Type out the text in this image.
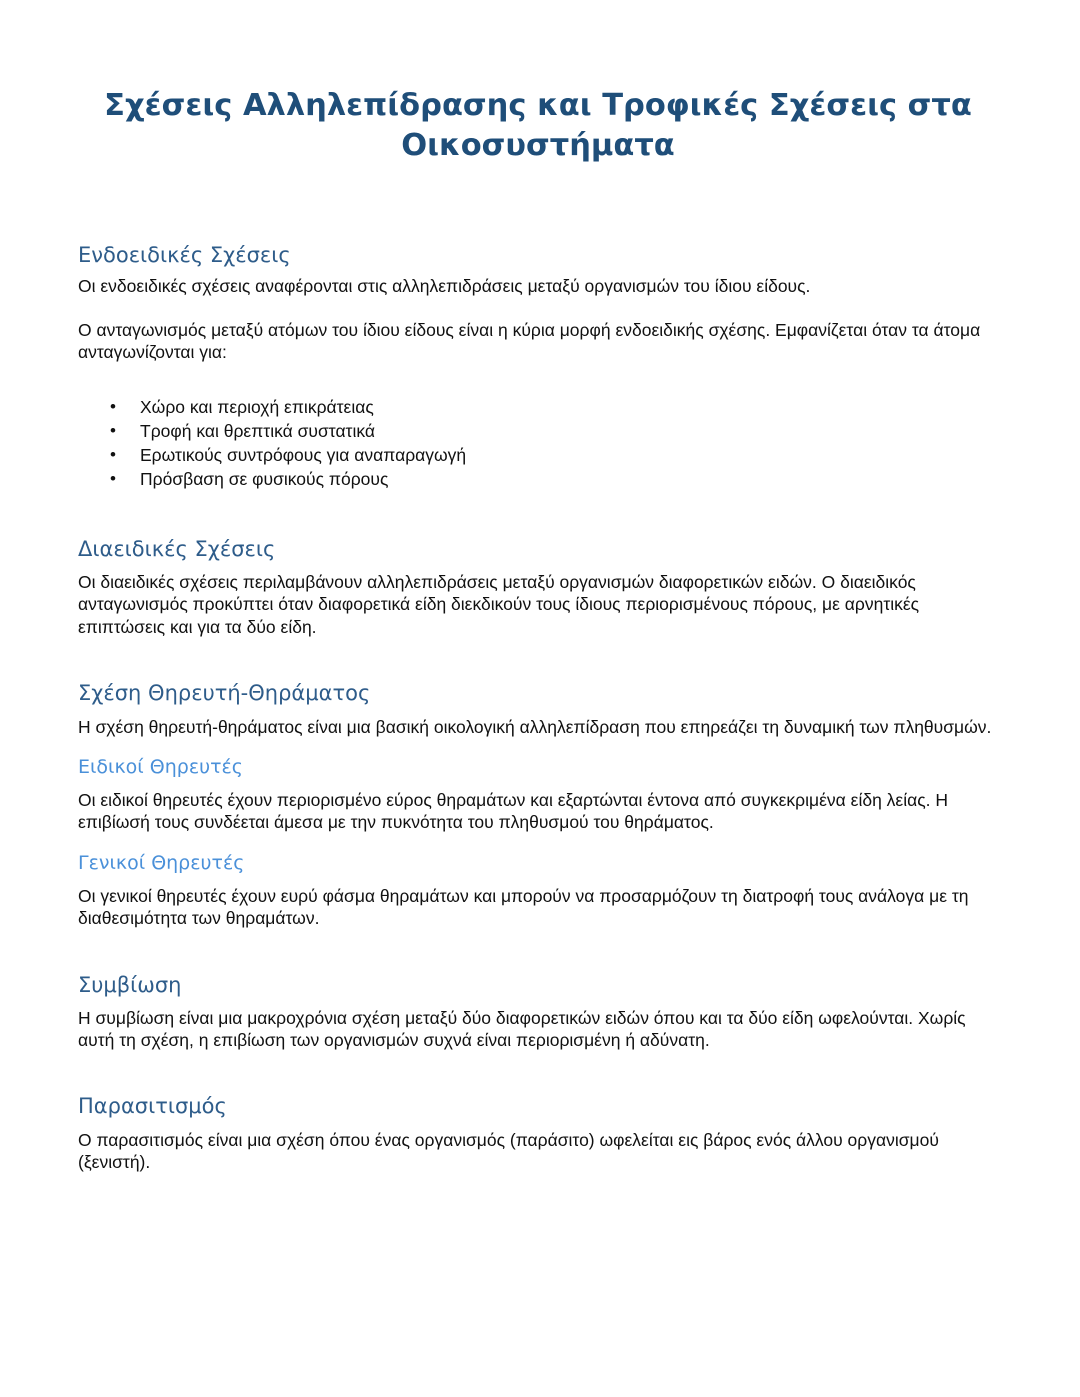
Σχέσεις Αλληλεπίδρασης και Τροφικές Σχέσεις στα Οικοσυστήματα
Ενδοειδικές Σχέσεις

Οι ενδοειδικές σχέσεις αναφέρονται στις αλληλεπιδράσεις μεταξύ οργανισμών του ίδιου είδους.

Ο ανταγωνισμός μεταξύ ατόμων του ίδιου είδους είναι η κύρια μορφή ενδοειδικής σχέσης. Εμφανίζεται όταν τα άτομα ανταγωνίζονται για:

• Χώρο και περιοχή επικράτειας
• Τροφή και θρεπτικά συστατικά
• Ερωτικούς συντρόφους για αναπαραγωγή
• Πρόσβαση σε φυσικούς πόρους
Διαειδικές Σχέσεις

Οι διαειδικές σχέσεις περιλαμβάνουν αλληλεπιδράσεις μεταξύ οργανισμών διαφορετικών ειδών. Ο διαειδικός ανταγωνισμός προκύπτει όταν διαφορετικά είδη διεκδικούν τους ίδιους περιορισμένους πόρους, με αρνητικές επιπτώσεις και για τα δύο είδη.

Σχέση Θηρευτή-Θηράματος

Η σχέση θηρευτή-θηράματος είναι μια βασική οικολογική αλληλεπίδραση που επηρεάζει τη δυναμική των πληθυσμών.

Ειδικοί Θηρευτές

Οι ειδικοί θηρευτές έχουν περιορισμένο εύρος θηραμάτων και εξαρτώνται έντονα από συγκεκριμένα είδη λείας. Η επιβίωσή τους συνδέεται άμεσα με την πυκνότητα του πληθυσμού του θηράματος.

Γενικοί Θηρευτές

Οι γενικοί θηρευτές έχουν ευρύ φάσμα θηραμάτων και μπορούν να προσαρμόζουν τη διατροφή τους ανάλογα με τη διαθεσιμότητα των θηραμάτων.

Συμβίωση

Η συμβίωση είναι μια μακροχρόνια σχέση μεταξύ δύο διαφορετικών ειδών όπου και τα δύο είδη ωφελούνται. Χωρίς αυτή τη σχέση, η επιβίωση των οργανισμών συχνά είναι περιορισμένη ή αδύνατη.

Παρασιτισμός

Ο παρασιτισμός είναι μια σχέση όπου ένας οργανισμός (παράσιτο) ωφελείται εις βάρος ενός άλλου οργανισμού (ξενιστή).
